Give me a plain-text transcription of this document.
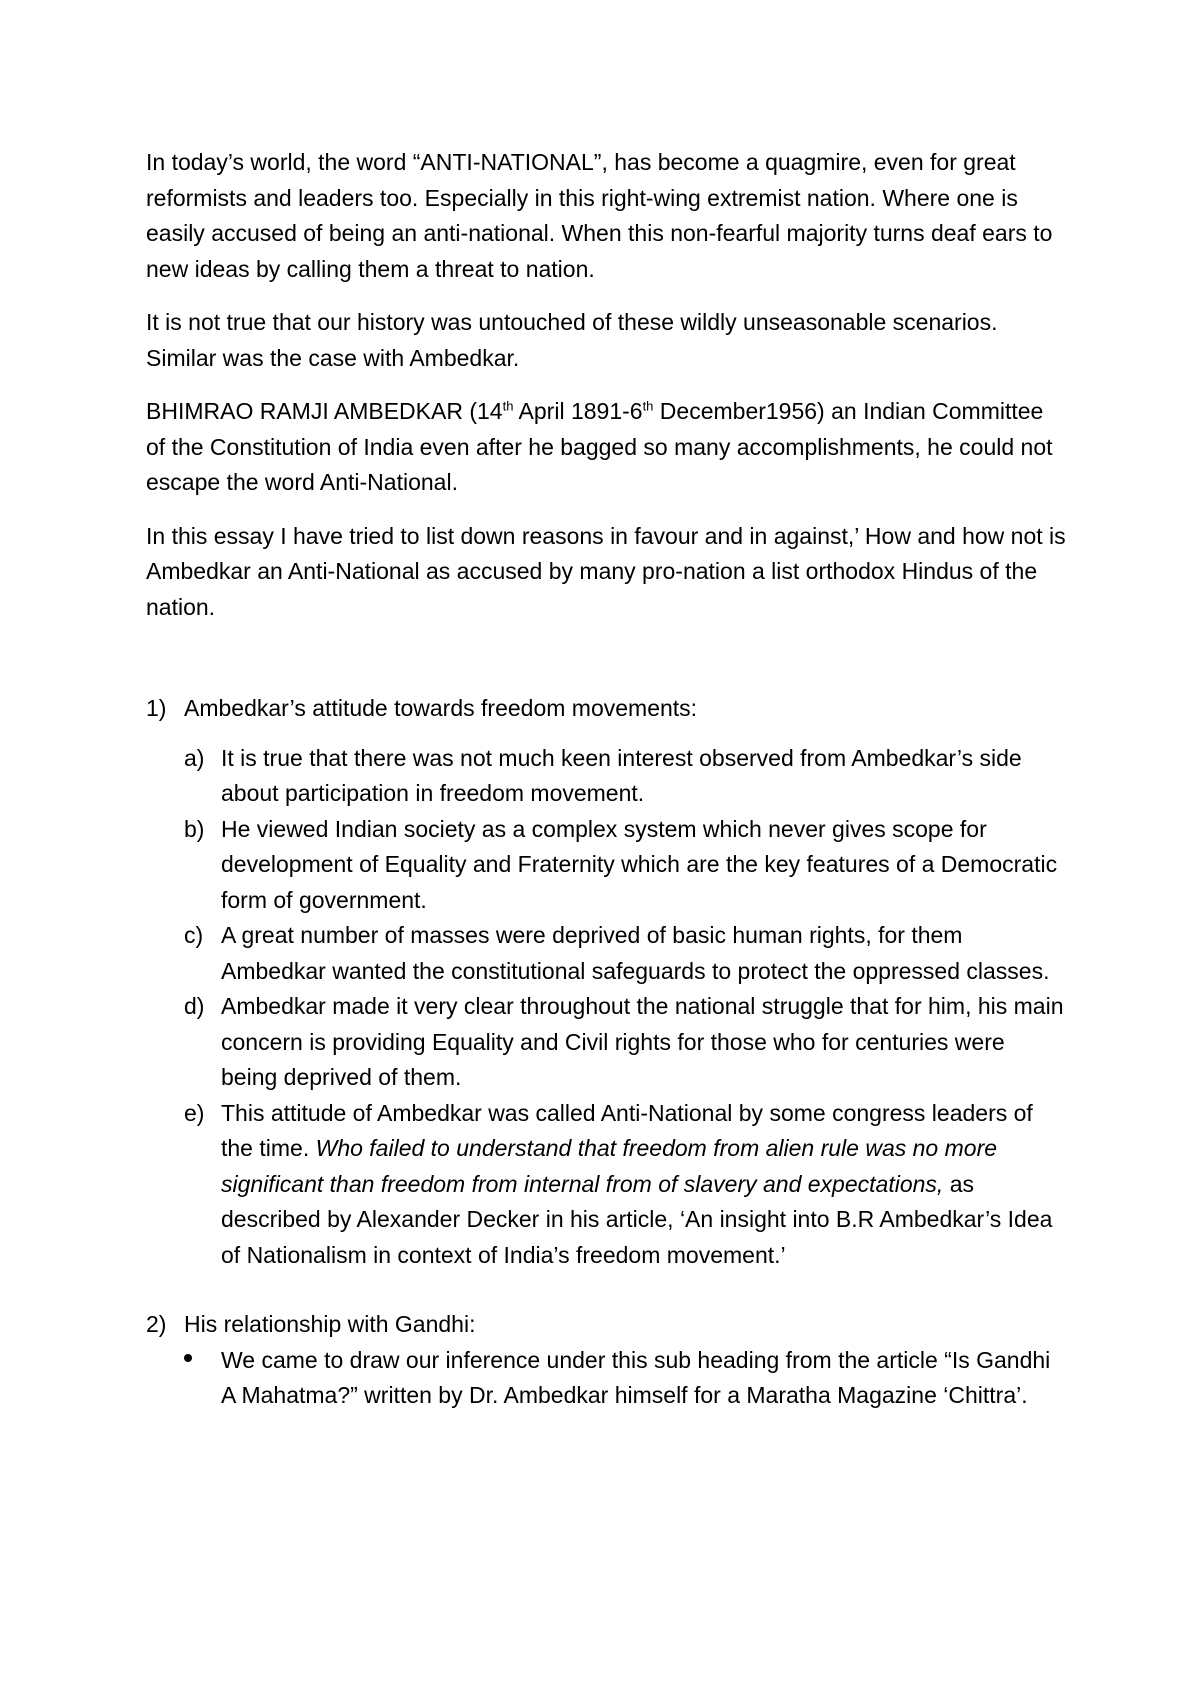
In today’s world, the word “ANTI-NATIONAL”, has become a quagmire, even for great reformists and leaders too. Especially in this right-wing extremist nation. Where one is easily accused of being an anti-national. When this non-fearful majority turns deaf ears to new ideas by calling them a threat to nation.

It is not true that our history was untouched of these wildly unseasonable scenarios. Similar was the case with Ambedkar.

BHIMRAO RAMJI AMBEDKAR (14th April 1891-6th December1956) an Indian Committee of the Constitution of India even after he bagged so many accomplishments, he could not escape the word Anti-National.

In this essay I have tried to list down reasons in favour and in against,’ How and how not is Ambedkar an Anti-National as accused by many pro-nation a list orthodox Hindus of the nation.

1) Ambedkar’s attitude towards freedom movements:
a) It is true that there was not much keen interest observed from Ambedkar’s side about participation in freedom movement.
b) He viewed Indian society as a complex system which never gives scope for development of Equality and Fraternity which are the key features of a Democratic form of government.
c) A great number of masses were deprived of basic human rights, for them Ambedkar wanted the constitutional safeguards to protect the oppressed classes.
d) Ambedkar made it very clear throughout the national struggle that for him, his main concern is providing Equality and Civil rights for those who for centuries were being deprived of them.
e) This attitude of Ambedkar was called Anti-National by some congress leaders of the time. Who failed to understand that freedom from alien rule was no more significant than freedom from internal from of slavery and expectations, as described by Alexander Decker in his article, ‘An insight into B.R Ambedkar’s Idea of Nationalism in context of India’s freedom movement.’
2) His relationship with Gandhi:
We came to draw our inference under this sub heading from the article “Is Gandhi A Mahatma?” written by Dr. Ambedkar himself for a Maratha Magazine ‘Chittra’.
